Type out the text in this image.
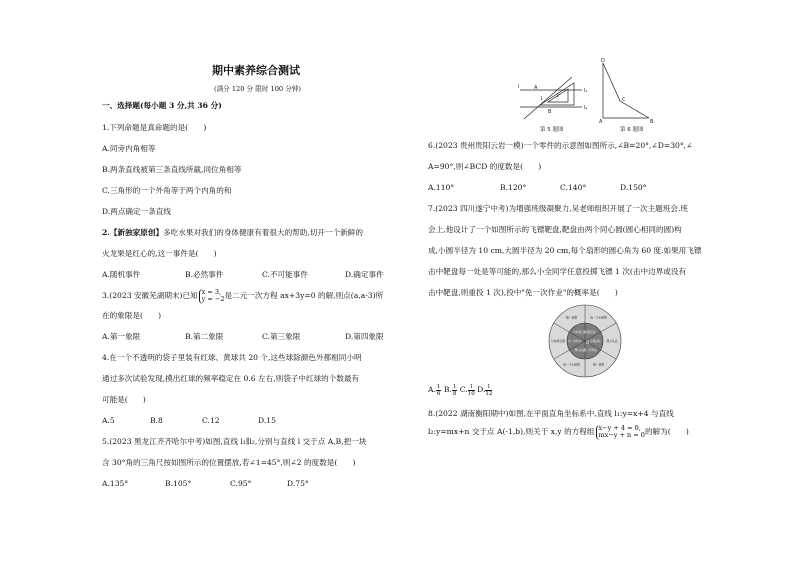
期中素养综合测试
(满分 120 分 限时 100 分钟)
一、选择题(每小题 3 分,共 36 分)
1.下列命题是真命题的是(　　)
A.同旁内角相等
B.两条直线被第三条直线所截,同位角相等
C.三角形的一个外角等于两个内角的和
D.两点确定一条直线
2.【新独家原创】多吃水果对我们的身体健康有着很大的帮助,切开一个新鲜的
火龙果是红心的,这一事件是(　　)
A.随机事件	B.必然事件	C.不可能事件	D.确定事件
3.(2023 安徽芜湖期末)已知 x = 3,
y = −2 是二元一次方程 ax+3y=0 的解,则点(a,a-3)所
在的象限是(　　)
A.第一象限	B.第二象限	C.第三象限	D.第四象限
4.在一个不透明的袋子里装有红球、黄球共 20 个,这些球除颜色外都相同小明
通过多次试验发现,摸出红球的频率稳定在 0.6 左右,则袋子中红球的个数最有
可能是(　　)
A.5	B.8	C.12	D.15
5.(2023 黑龙江齐齐哈尔中考)如图,直线 l₁∥l₂,分别与直线 l 交于点 A,B,把一块
含 30°角的三角尺按如图所示的位置摆放,若∠1=45°,则∠2 的度数是(　　)
A.135°	B.105°	C.95°	D.75°
l	A
B
1
2
l₁
l₂
第 5 题图
D
C
A	B
第 6 题图
6.(2023 贵州贵阳云岩一模)一个零件的示意图如图所示,∠B=20°,∠D=30°,∠
A=90°,则∠BCD 的度数是(　　)
A.110°	B.120°	C.140°	D.150°
7.(2023 四川遂宁中考)为增强班级凝聚力,吴老师组织开展了一次主题班会.班
会上,他设计了一个如图所示的飞镖靶盘,靶盘由两个同心圆(圆心相同的圆)构
成,小圆半径为 10 cm,大圆半径为 20 cm,每个扇形的圆心角为 60 度.如果用飞镖
击中靶盘每一处是等可能的,那么小全同学任意投掷飞镖 1 次(击中边界或没有
击中靶盘,则重投 1 次),投中"免一次作业"的概率是(　　)
小组活动
送一个小贴纸
小组活动 得小礼品
免一次作业
唱一首歌
得小礼品
送一个小贴纸
免一次作业
与老师合影
与老师合影
唱一首歌
O
A. $\frac{1}{6} B$. $\frac{1}{8} C$. $\frac{1}{10} D$. $\frac{1}{12}$
8.(2022 湖南衡阳期中)如图,在平面直角坐标系中,直线 l₁:y=x+4 与直线
l₂:y=mx+n 交于点 A(-1,b),则关于 x,y 的方程组 x−y + 4 = 0,
mx−y + n = 0 的解为(　　)
